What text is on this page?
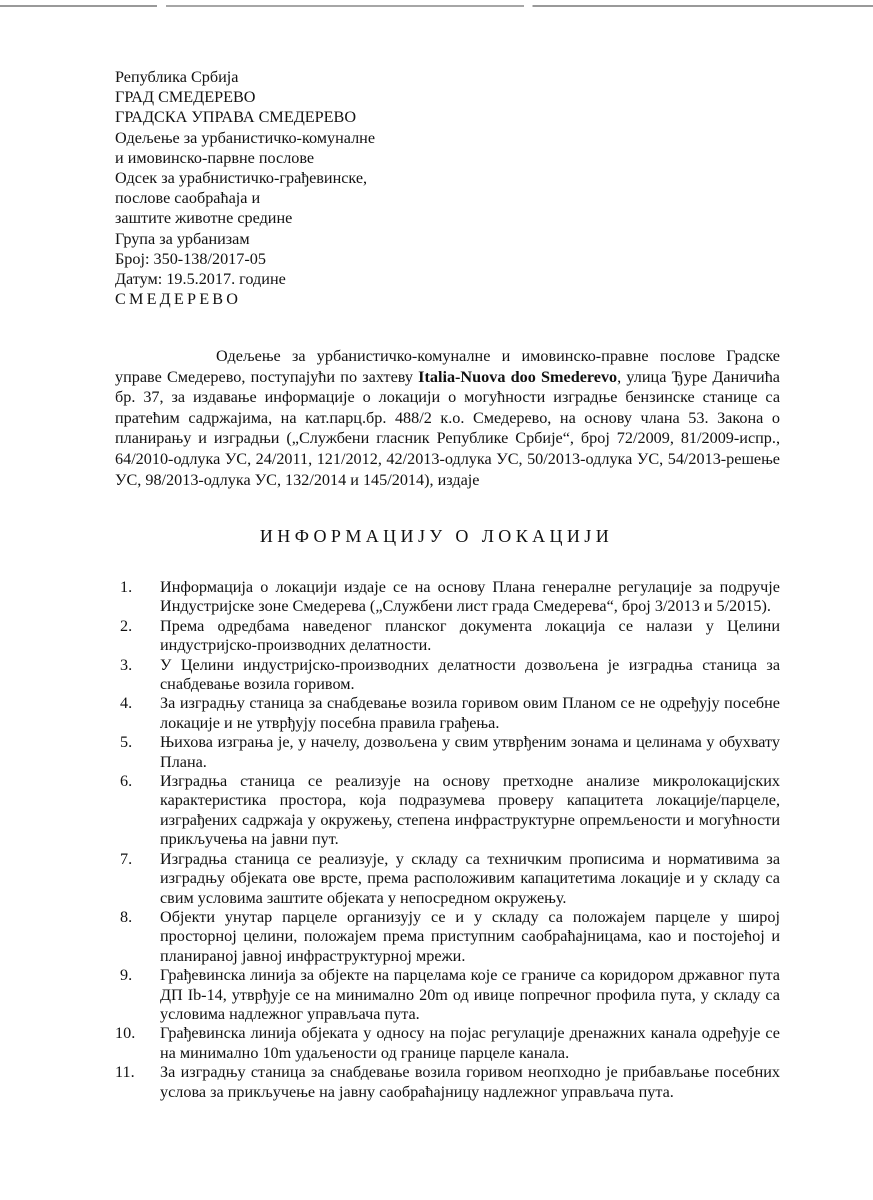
Република Србија
ГРАД СМЕДЕРЕВО
ГРАДСКА УПРАВА СМЕДЕРЕВО
Одељење за урбанистичко-комуналне
и имовинско-парвне послове
Одсек за урабнистичко-грађевинске,
послове саобраћаја и
заштите животне средине
Група за урбанизам
Број: 350-138/2017-05
Датум: 19.5.2017. године
СМЕДЕРЕВО
Одељење за урбанистичко-комуналне и имовинско-правне послове Градске управе Смедерево, поступајући по захтеву Italia-Nuova doo Smederevo, улица Ђуре Даничића бр. 37, за издавање информације о локацији о могућности изградње бензинске станице са пратећим садржајима, на кат.парц.бр. 488/2 к.о. Смедерево, на основу члана 53. Закона о планирању и изградњи („Службени гласник Републике Србије“, број 72/2009, 81/2009-испр., 64/2010-одлука УС, 24/2011, 121/2012, 42/2013-одлука УС, 50/2013-одлука УС, 54/2013-решење УС, 98/2013-одлука УС, 132/2014 и 145/2014), издаје
ИНФОРМАЦИЈУ О ЛОКАЦИЈИ
1. Информација о локацији издаје се на основу Плана генералне регулације за подручје Индустријске зоне Смедерева („Службени лист града Смедерева“, број 3/2013 и 5/2015).
2. Према одредбама наведеног планског документа локација се налази у Целини индустријско-производних делатности.
3. У Целини индустријско-производних делатности дозвољена је изградња станица за снабдевање возила горивом.
4. За изградњу станица за снабдевање возила горивом овим Планом се не одређују посебне локације и не утврђују посебна правила грађења.
5. Њихова изграња је, у начелу, дозвољена у свим утврђеним зонама и целинама у обухвату Плана.
6. Изградња станица се реализује на основу претходне анализе микролокацијских карактеристика простора, која подразумева проверу капацитета локације/парцеле, изграђених садржаја у окружењу, степена инфраструктурне опремљености и могућности прикључења на јавни пут.
7. Изградња станица се реализује, у складу са техничким прописима и нормативима за изградњу објеката ове врсте, према расположивим капацитетима локације и у складу са свим условима заштите објеката у непосредном окружењу.
8. Објекти унутар парцеле организују се и у складу са положајем парцеле у широј просторној целини, положајем према приступним саобраћајницама, као и постојећој и планираној јавној инфраструктурној мрежи.
9. Грађевинска линија за објекте на парцелама које се граниче са коридором државног пута ДП Ib-14, утврђује се на минимално 20m од ивице попречног профила пута, у складу са условима надлежног управљача пута.
10. Грађевинска линија објеката у односу на појас регулације дренажних канала одређује се на минимално 10m удаљености од границе парцеле канала.
11. За изградњу станица за снабдевање возила горивом неопходно је прибављање посебних услова за прикључење на јавну саобраћајницу надлежног управљача пута.
